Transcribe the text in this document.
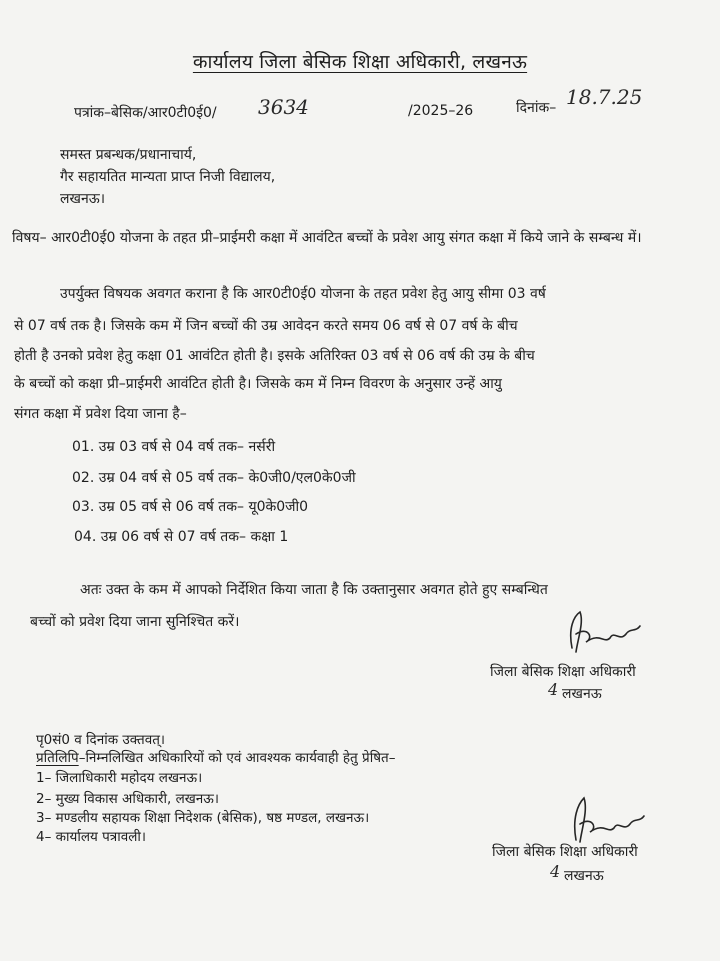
कार्यालय जिला बेसिक शिक्षा अधिकारी, लखनऊ
पत्रांक–बेसिक/आर0टी0ई0/ 3634	/2025–26	दिनांक– 18.7.25
समस्त प्रबन्धक/प्रधानाचार्य,
गैर सहायतित मान्यता प्राप्त निजी विद्यालय,
लखनऊ।
विषय– आर0टी0ई0 योजना के तहत प्री–प्राईमरी कक्षा में आवंटित बच्चों के प्रवेश आयु संगत कक्षा में किये जाने के सम्बन्ध में।
उपर्युक्त विषयक अवगत कराना है कि आर0टी0ई0 योजना के तहत प्रवेश हेतु आयु सीमा 03 वर्ष
से 07 वर्ष तक है। जिसके कम में जिन बच्चों की उम्र आवेदन करते समय 06 वर्ष से 07 वर्ष के बीच
होती है उनको प्रवेश हेतु कक्षा 01 आवंटित होती है। इसके अतिरिक्त 03 वर्ष से 06 वर्ष की उम्र के बीच
के बच्चों को कक्षा प्री–प्राईमरी आवंटित होती है। जिसके कम में निम्न विवरण के अनुसार उन्हें आयु
संगत कक्षा में प्रवेश दिया जाना है–
01. उम्र 03 वर्ष से 04 वर्ष तक– नर्सरी
02. उम्र 04 वर्ष से 05 वर्ष तक– के0जी0/एल0के0जी
03. उम्र 05 वर्ष से 06 वर्ष तक– यू0के0जी0
04. उम्र 06 वर्ष से 07 वर्ष तक– कक्षा 1
अतः उक्त के कम में आपको निर्देशित किया जाता है कि उक्तानुसार अवगत होते हुए सम्बन्धित
बच्चों को प्रवेश दिया जाना सुनिश्चित करें।
जिला बेसिक शिक्षा अधिकारी
4 लखनऊ
पृ0सं0 व दिनांक उक्तवत्।
प्रतिलिपि–निम्नलिखित अधिकारियों को एवं आवश्यक कार्यवाही हेतु प्रेषित–
1– जिलाधिकारी महोदय लखनऊ।
2– मुख्य विकास अधिकारी, लखनऊ।
3– मण्डलीय सहायक शिक्षा निदेशक (बेसिक), षष्ठ मण्डल, लखनऊ।
4– कार्यालय पत्रावली।
जिला बेसिक शिक्षा अधिकारी
4 लखनऊ
